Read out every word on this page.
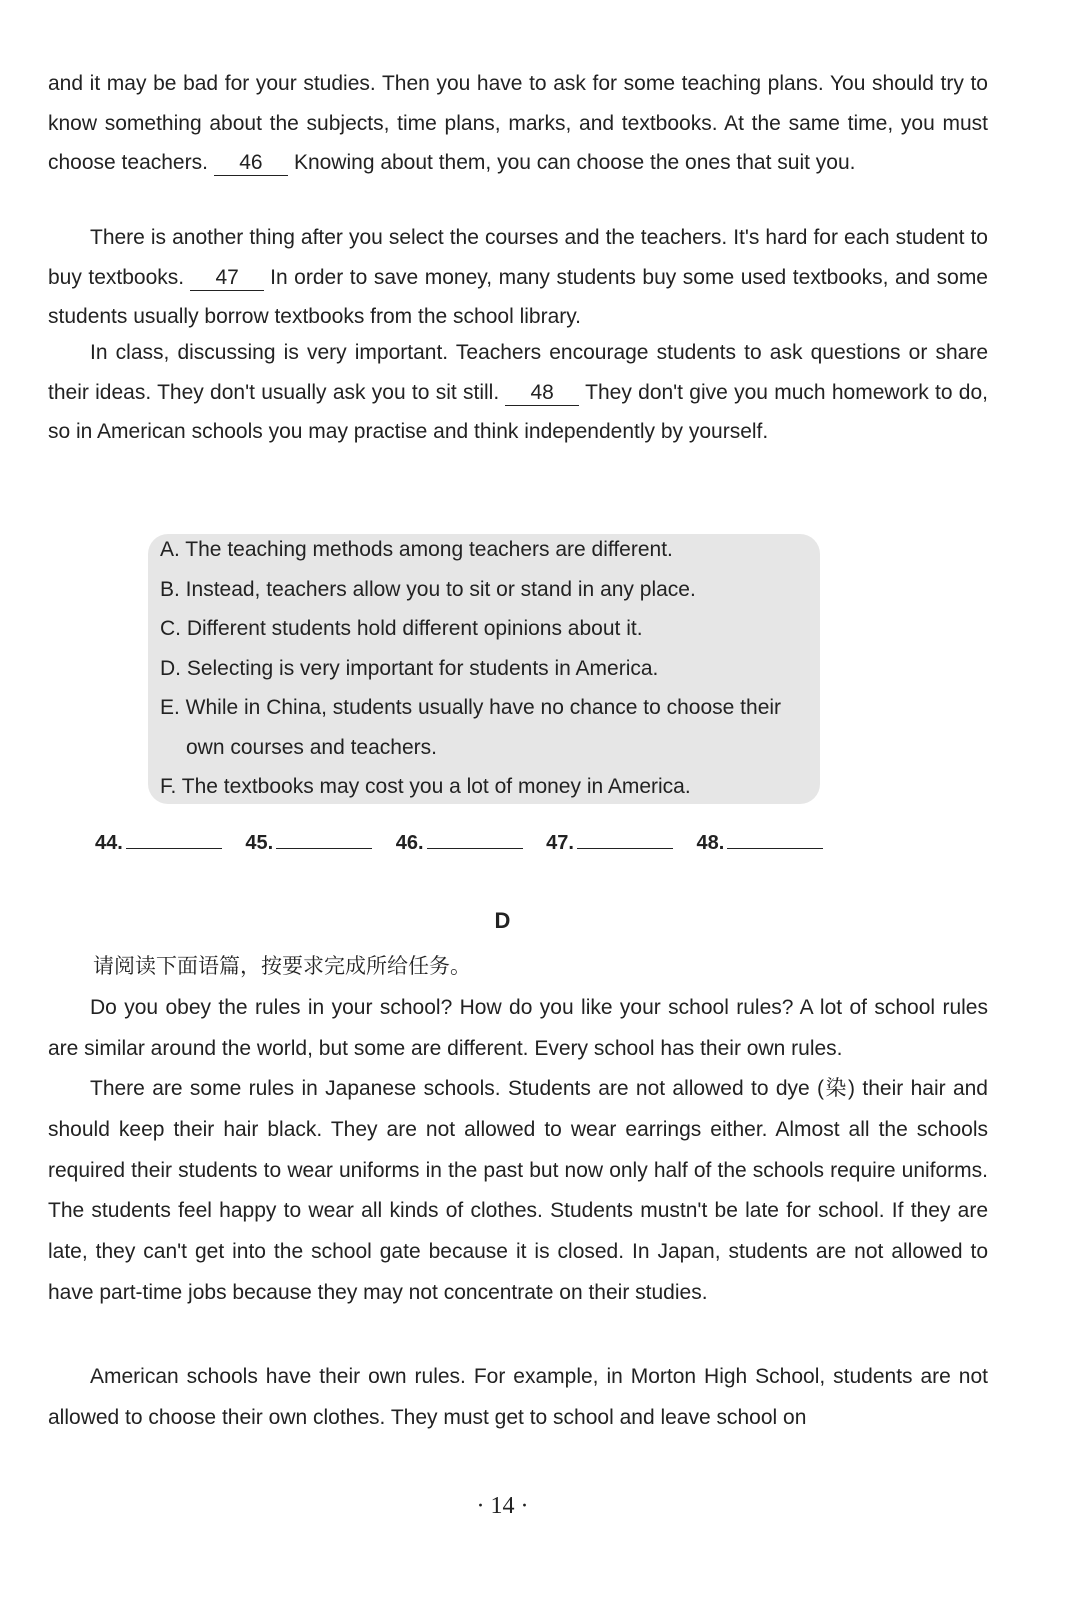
and it may be bad for your studies. Then you have to ask for some teaching plans. You should try to know something about the subjects, time plans, marks, and textbooks. At the same time, you must choose teachers. 46 Knowing about them, you can choose the ones that suit you.

There is another thing after you select the courses and the teachers. It's hard for each student to buy textbooks. 47 In order to save money, many students buy some used textbooks, and some students usually borrow textbooks from the school library.

In class, discussing is very important. Teachers encourage students to ask questions or share their ideas. They don't usually ask you to sit still. 48 They don't give you much homework to do, so in American schools you may practise and think independently by yourself.

A. The teaching methods among teachers are different.

B. Instead, teachers allow you to sit or stand in any place.

C. Different students hold different opinions about it.

D. Selecting is very important for students in America.

E. While in China, students usually have no chance to choose their

own courses and teachers.

F. The textbooks may cost you a lot of money in America.

44.	45.	46.	47.	48.
D
请阅读下面语篇，按要求完成所给任务。

Do you obey the rules in your school? How do you like your school rules? A lot of school rules are similar around the world, but some are different. Every school has their own rules.

There are some rules in Japanese schools. Students are not allowed to dye (染) their hair and should keep their hair black. They are not allowed to wear earrings either. Almost all the schools required their students to wear uniforms in the past but now only half of the schools require uniforms. The students feel happy to wear all kinds of clothes. Students mustn't be late for school. If they are late, they can't get into the school gate because it is closed. In Japan, students are not allowed to have part-time jobs because they may not concentrate on their studies.

American schools have their own rules. For example, in Morton High School, students are not allowed to choose their own clothes. They must get to school and leave school on

· 14 ·
